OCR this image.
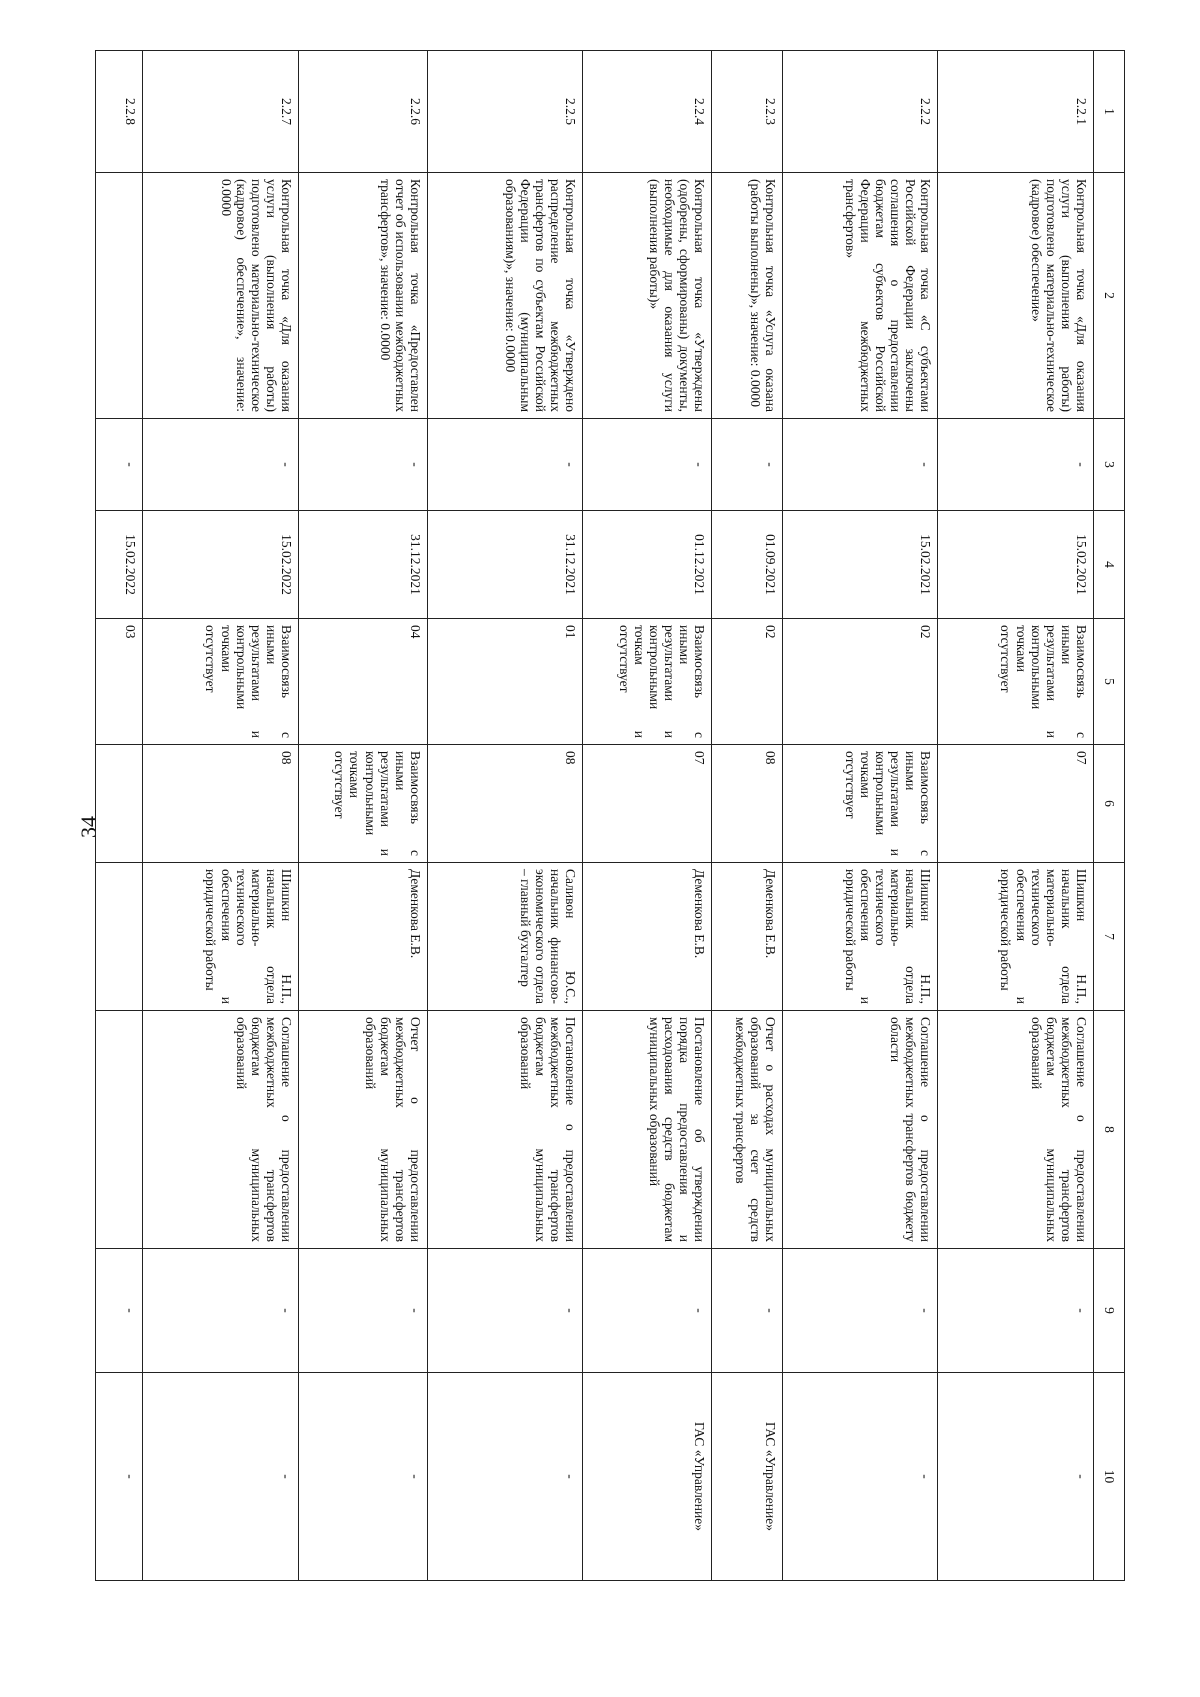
34
1	2	3	4	5	6	7	8	9	10
2.2.1	Контрольная точка «Для оказания услуги (выполнения работы) подготовлено материально-техническое (кадровое) обеспечение»	-	15.02.2021	Взаимосвязь с иными результатами и контрольными точками отсутствует	07	Шишкин Н.П., начальник отдела материально-технического обеспечения и юридической работы	Соглашение о предоставлении межбюджетных трансфертов бюджетам муниципальных образований	-	-
2.2.2	Контрольная точка «С субъектами Российской Федерации заключены соглашения о предоставлении бюджетам субъектов Российской Федерации межбюджетных трансфертов»	-	15.02.2021	02	Взаимосвязь с иными результатами и контрольными точками отсутствует	Шишкин Н.П., начальник отдела материально-технического обеспечения и юридической работы	Соглашение о предоставлении межбюджетных трансфертов бюджету области	-	-
2.2.3	Контрольная точка «Услуга оказана (работы выполнены)», значение: 0.0000	-	01.09.2021	02	08	Деменкова Е.В.	Отчет о расходах муниципальных образований за счет средств межбюджетных трансфертов	-	ГАС «Управление»
2.2.4	Контрольная точка «Утверждены (одобрены, сформированы) документы, необходимые для оказания услуги (выполнения работы)»	-	01.12.2021	Взаимосвязь с иными результатами и контрольными точкам и отсутствует	07	Деменкова Е.В.	Постановление об утверждении порядка предоставления и расходования средств бюджетам муниципальных образований	-	ГАС «Управление»
2.2.5	Контрольная точка «Утверждено распределение межбюджетных трансфертов по субъектам Российской Федерации (муниципальным образованиям)», значение: 0.0000	-	31.12.2021	01	08	Саливон Ю.С., начальник финансово-экономического отдела – главный бухгалтер	Постановление о предоставлении межбюджетных трансфертов бюджетам муниципальных образований	-	-
2.2.6	Контрольная точка «Предоставлен отчет об использовании межбюджетных трансфертов», значение: 0.0000	-	31.12.2021	04	Взаимосвязь с иными результатами и контрольными точками отсутствует	Деменкова Е.В.	Отчет о предоставлении межбюджетных трансфертов бюджетам муниципальных образований	-	-
2.2.7	Контрольная точка «Для оказания услуги (выполнения работы) подготовлено материально-техническое (кадровое) обеспечение», значение: 0.0000	-	15.02.2022	Взаимосвязь с иными результатами и контрольными точками отсутствует	08	Шишкин Н.П., начальник отдела материально-технического обеспечения и юридической работы	Соглашение о предоставлении межбюджетных трансфертов бюджетам муниципальных образований	-	-
2.2.8		-	15.02.2022	03				-	-
